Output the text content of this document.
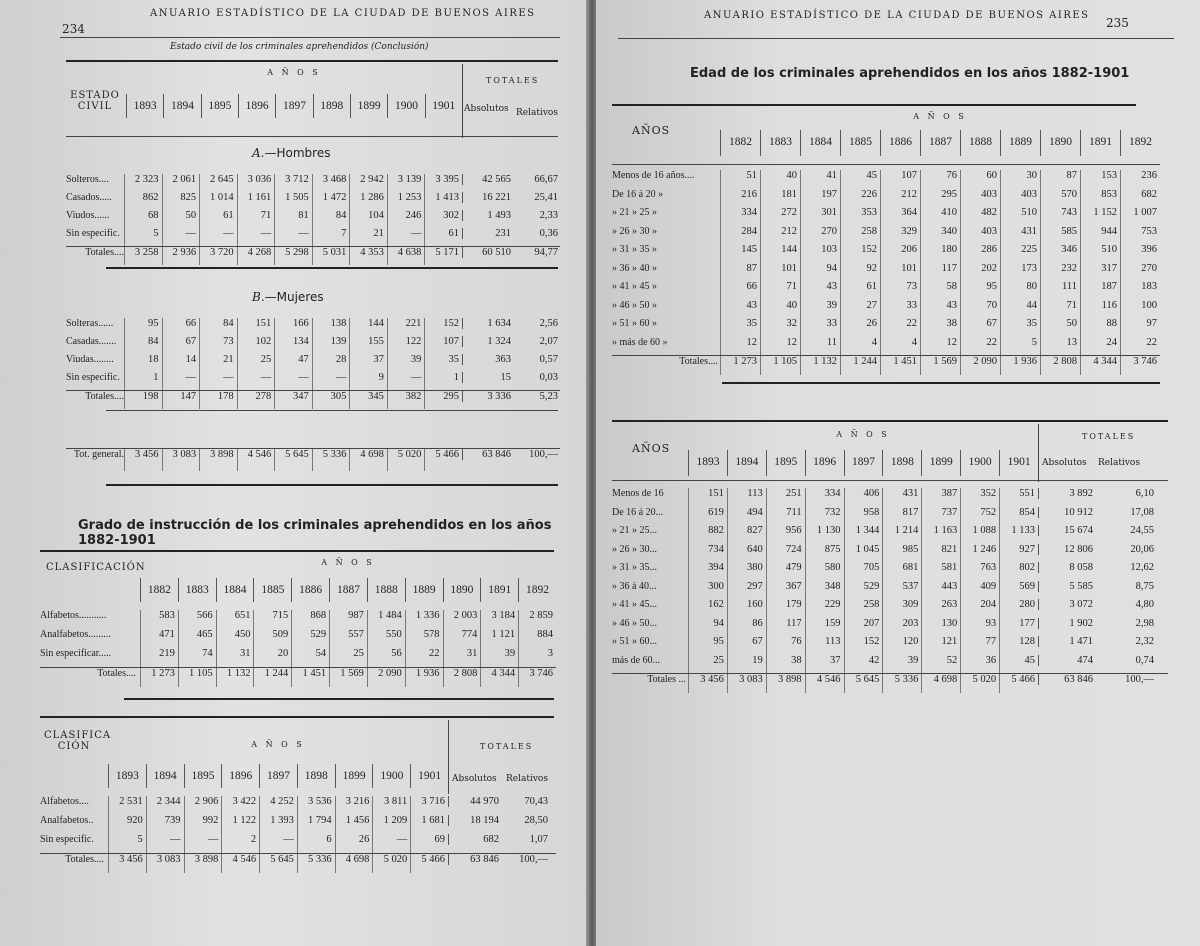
234
ANUARIO ESTADÍSTICO DE LA CIUDAD DE BUENOS AIRES
Estado civil de los criminales aprehendidos (Conclusión)
ESTADO CIVIL
A Ñ O S
TOTALES
Absolutos Relativos
1893	1894	1895	1896	1897	1898	1899	1900	1901
A.—Hombres
Solteros....	2 323	2 061	2 645	3 036	3 712	3 468	2 942	3 139	3 395	42 565	66,67
Casados.....	862	825	1 014	1 161	1 505	1 472	1 286	1 253	1 413	16 221	25,41
Viudos......	68	50	61	71	81	84	104	246	302	1 493	2,33
Sin especific.	5	—	—	—	—	7	21	—	61	231	0,36
Totales....	3 258	2 936	3 720	4 268	5 298	5 031	4 353	4 638	5 171	60 510	94,77
B.—Mujeres
Solteras......	95	66	84	151	166	138	144	221	152	1 634	2,56
Casadas.......	84	67	73	102	134	139	155	122	107	1 324	2,07
Viudas........	18	14	21	25	47	28	37	39	35	363	0,57
Sin especific.	1	—	—	—	—	—	9	—	1	15	0,03
Totales....	198	147	178	278	347	305	345	382	295	3 336	5,23
Tot. general.	3 456	3 083	3 898	4 546	5 645	5 336	4 698	5 020	5 466	63 846	100,—
Grado de instrucción de los criminales aprehendidos en los años 1882-1901
CLASIFICACIÓN	A Ñ O S
1882	1883	1884	1885	1886	1887	1888	1889	1890	1891	1892
Alfabetos...........	583	566	651	715	868	987	1 484	1 336	2 003	3 184	2 859
Analfabetos.........	471	465	450	509	529	557	550	578	774	1 121	884
Sin especificar.....	219	74	31	20	54	25	56	22	31	39	3
Totales....	1 273	1 105	1 132	1 244	1 451	1 569	2 090	1 936	2 808	4 344	3 746
CLASIFICA CIÓN	A Ñ O S	TOTALES
Absolutos Relativos
1893	1894	1895	1896	1897	1898	1899	1900	1901
Alfabetos....	2 531	2 344	2 906	3 422	4 252	3 536	3 216	3 811	3 716	44 970	70,43
Analfabetos..	920	739	992	1 122	1 393	1 794	1 456	1 209	1 681	18 194	28,50
Sin especific.	5	—	—	2	—	6	26	—	69	682	1,07
Totales....	3 456	3 083	3 898	4 546	5 645	5 336	4 698	5 020	5 466	63 846	100,—
ANUARIO ESTADÍSTICO DE LA CIUDAD DE BUENOS AIRES
235
Edad de los criminales aprehendidos en los años 1882-1901
AÑOS
A Ñ O S
1882	1883	1884	1885	1886	1887	1888	1889	1890	1891	1892
Menos de 16 años....	51	40	41	45	107	76	60	30	87	153	236
De 16 á 20 »	216	181	197	226	212	295	403	403	570	853	682
» 21 » 25 »	334	272	301	353	364	410	482	510	743	1 152	1 007
» 26 » 30 »	284	212	270	258	329	340	403	431	585	944	753
» 31 » 35 »	145	144	103	152	206	180	286	225	346	510	396
» 36 » 40 »	87	101	94	92	101	117	202	173	232	317	270
» 41 » 45 »	66	71	43	61	73	58	95	80	111	187	183
» 46 » 50 »	43	40	39	27	33	43	70	44	71	116	100
» 51 » 60 »	35	32	33	26	22	38	67	35	50	88	97
» más de 60 »	12	12	11	4	4	12	22	5	13	24	22
Totales....	1 273	1 105	1 132	1 244	1 451	1 569	2 090	1 936	2 808	4 344	3 746
AÑOS
A Ñ O S	TOTALES
Absolutos Relativos
1893	1894	1895	1896	1897	1898	1899	1900	1901
Menos de 16	151	113	251	334	406	431	387	352	551	3 892	6,10
De 16 á 20...	619	494	711	732	958	817	737	752	854	10 912	17,08
» 21 » 25...	882	827	956	1 130	1 344	1 214	1 163	1 088	1 133	15 674	24,55
» 26 » 30...	734	640	724	875	1 045	985	821	1 246	927	12 806	20,06
» 31 » 35...	394	380	479	580	705	681	581	763	802	8 058	12,62
» 36 á 40...	300	297	367	348	529	537	443	409	569	5 585	8,75
» 41 » 45...	162	160	179	229	258	309	263	204	280	3 072	4,80
» 46 » 50...	94	86	117	159	207	203	130	93	177	1 902	2,98
» 51 » 60...	95	67	76	113	152	120	121	77	128	1 471	2,32
más de 60...	25	19	38	37	42	39	52	36	45	474	0,74
Totales ...	3 456	3 083	3 898	4 546	5 645	5 336	4 698	5 020	5 466	63 846	100,—
